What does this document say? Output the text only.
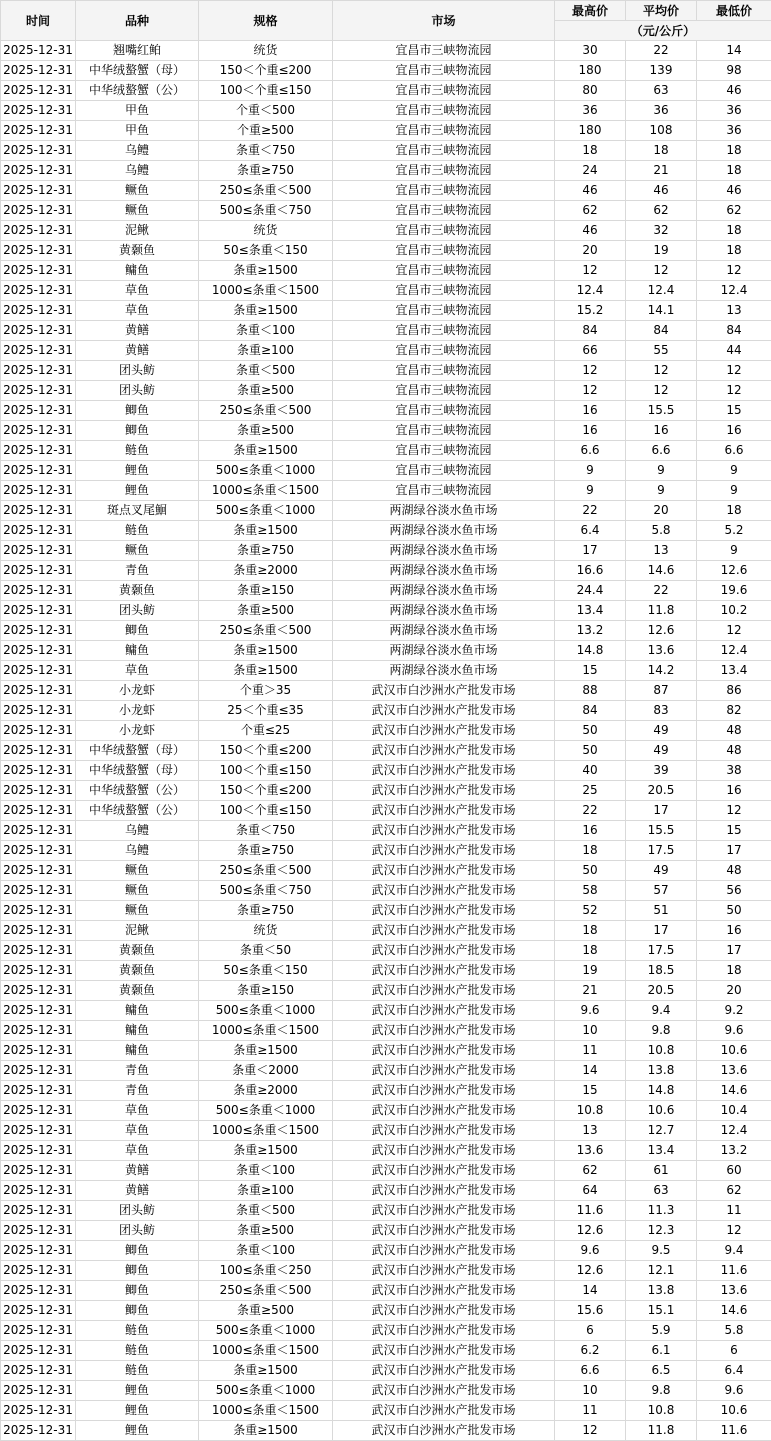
时间	品种	规格	市场	最高价	平均价	最低价
				（元/公斤）		
2025-12-31	翘嘴红鲌	统货	宜昌市三峡物流园	30	22	14
2025-12-31	中华绒螯蟹（母）	150＜个重≤200	宜昌市三峡物流园	180	139	98
2025-12-31	中华绒螯蟹（公）	100＜个重≤150	宜昌市三峡物流园	80	63	46
2025-12-31	甲鱼	个重＜500	宜昌市三峡物流园	36	36	36
2025-12-31	甲鱼	个重≥500	宜昌市三峡物流园	180	108	36
2025-12-31	乌鳢	条重＜750	宜昌市三峡物流园	18	18	18
2025-12-31	乌鳢	条重≥750	宜昌市三峡物流园	24	21	18
2025-12-31	鳜鱼	250≤条重＜500	宜昌市三峡物流园	46	46	46
2025-12-31	鳜鱼	500≤条重＜750	宜昌市三峡物流园	62	62	62
2025-12-31	泥鳅	统货	宜昌市三峡物流园	46	32	18
2025-12-31	黄颡鱼	50≤条重＜150	宜昌市三峡物流园	20	19	18
2025-12-31	鳙鱼	条重≥1500	宜昌市三峡物流园	12	12	12
2025-12-31	草鱼	1000≤条重＜1500	宜昌市三峡物流园	12.4	12.4	12.4
2025-12-31	草鱼	条重≥1500	宜昌市三峡物流园	15.2	14.1	13
2025-12-31	黄鳝	条重＜100	宜昌市三峡物流园	84	84	84
2025-12-31	黄鳝	条重≥100	宜昌市三峡物流园	66	55	44
2025-12-31	团头鲂	条重＜500	宜昌市三峡物流园	12	12	12
2025-12-31	团头鲂	条重≥500	宜昌市三峡物流园	12	12	12
2025-12-31	鲫鱼	250≤条重＜500	宜昌市三峡物流园	16	15.5	15
2025-12-31	鲫鱼	条重≥500	宜昌市三峡物流园	16	16	16
2025-12-31	鲢鱼	条重≥1500	宜昌市三峡物流园	6.6	6.6	6.6
2025-12-31	鲤鱼	500≤条重＜1000	宜昌市三峡物流园	9	9	9
2025-12-31	鲤鱼	1000≤条重＜1500	宜昌市三峡物流园	9	9	9
2025-12-31	斑点叉尾鮰	500≤条重＜1000	两湖绿谷淡水鱼市场	22	20	18
2025-12-31	鲢鱼	条重≥1500	两湖绿谷淡水鱼市场	6.4	5.8	5.2
2025-12-31	鳜鱼	条重≥750	两湖绿谷淡水鱼市场	17	13	9
2025-12-31	青鱼	条重≥2000	两湖绿谷淡水鱼市场	16.6	14.6	12.6
2025-12-31	黄颡鱼	条重≥150	两湖绿谷淡水鱼市场	24.4	22	19.6
2025-12-31	团头鲂	条重≥500	两湖绿谷淡水鱼市场	13.4	11.8	10.2
2025-12-31	鲫鱼	250≤条重＜500	两湖绿谷淡水鱼市场	13.2	12.6	12
2025-12-31	鳙鱼	条重≥1500	两湖绿谷淡水鱼市场	14.8	13.6	12.4
2025-12-31	草鱼	条重≥1500	两湖绿谷淡水鱼市场	15	14.2	13.4
2025-12-31	小龙虾	个重＞35	武汉市白沙洲水产批发市场	88	87	86
2025-12-31	小龙虾	25＜个重≤35	武汉市白沙洲水产批发市场	84	83	82
2025-12-31	小龙虾	个重≤25	武汉市白沙洲水产批发市场	50	49	48
2025-12-31	中华绒螯蟹（母）	150＜个重≤200	武汉市白沙洲水产批发市场	50	49	48
2025-12-31	中华绒螯蟹（母）	100＜个重≤150	武汉市白沙洲水产批发市场	40	39	38
2025-12-31	中华绒螯蟹（公）	150＜个重≤200	武汉市白沙洲水产批发市场	25	20.5	16
2025-12-31	中华绒螯蟹（公）	100＜个重≤150	武汉市白沙洲水产批发市场	22	17	12
2025-12-31	乌鳢	条重＜750	武汉市白沙洲水产批发市场	16	15.5	15
2025-12-31	乌鳢	条重≥750	武汉市白沙洲水产批发市场	18	17.5	17
2025-12-31	鳜鱼	250≤条重＜500	武汉市白沙洲水产批发市场	50	49	48
2025-12-31	鳜鱼	500≤条重＜750	武汉市白沙洲水产批发市场	58	57	56
2025-12-31	鳜鱼	条重≥750	武汉市白沙洲水产批发市场	52	51	50
2025-12-31	泥鳅	统货	武汉市白沙洲水产批发市场	18	17	16
2025-12-31	黄颡鱼	条重＜50	武汉市白沙洲水产批发市场	18	17.5	17
2025-12-31	黄颡鱼	50≤条重＜150	武汉市白沙洲水产批发市场	19	18.5	18
2025-12-31	黄颡鱼	条重≥150	武汉市白沙洲水产批发市场	21	20.5	20
2025-12-31	鳙鱼	500≤条重＜1000	武汉市白沙洲水产批发市场	9.6	9.4	9.2
2025-12-31	鳙鱼	1000≤条重＜1500	武汉市白沙洲水产批发市场	10	9.8	9.6
2025-12-31	鳙鱼	条重≥1500	武汉市白沙洲水产批发市场	11	10.8	10.6
2025-12-31	青鱼	条重＜2000	武汉市白沙洲水产批发市场	14	13.8	13.6
2025-12-31	青鱼	条重≥2000	武汉市白沙洲水产批发市场	15	14.8	14.6
2025-12-31	草鱼	500≤条重＜1000	武汉市白沙洲水产批发市场	10.8	10.6	10.4
2025-12-31	草鱼	1000≤条重＜1500	武汉市白沙洲水产批发市场	13	12.7	12.4
2025-12-31	草鱼	条重≥1500	武汉市白沙洲水产批发市场	13.6	13.4	13.2
2025-12-31	黄鳝	条重＜100	武汉市白沙洲水产批发市场	62	61	60
2025-12-31	黄鳝	条重≥100	武汉市白沙洲水产批发市场	64	63	62
2025-12-31	团头鲂	条重＜500	武汉市白沙洲水产批发市场	11.6	11.3	11
2025-12-31	团头鲂	条重≥500	武汉市白沙洲水产批发市场	12.6	12.3	12
2025-12-31	鲫鱼	条重＜100	武汉市白沙洲水产批发市场	9.6	9.5	9.4
2025-12-31	鲫鱼	100≤条重＜250	武汉市白沙洲水产批发市场	12.6	12.1	11.6
2025-12-31	鲫鱼	250≤条重＜500	武汉市白沙洲水产批发市场	14	13.8	13.6
2025-12-31	鲫鱼	条重≥500	武汉市白沙洲水产批发市场	15.6	15.1	14.6
2025-12-31	鲢鱼	500≤条重＜1000	武汉市白沙洲水产批发市场	6	5.9	5.8
2025-12-31	鲢鱼	1000≤条重＜1500	武汉市白沙洲水产批发市场	6.2	6.1	6
2025-12-31	鲢鱼	条重≥1500	武汉市白沙洲水产批发市场	6.6	6.5	6.4
2025-12-31	鲤鱼	500≤条重＜1000	武汉市白沙洲水产批发市场	10	9.8	9.6
2025-12-31	鲤鱼	1000≤条重＜1500	武汉市白沙洲水产批发市场	11	10.8	10.6
2025-12-31	鲤鱼	条重≥1500	武汉市白沙洲水产批发市场	12	11.8	11.6
